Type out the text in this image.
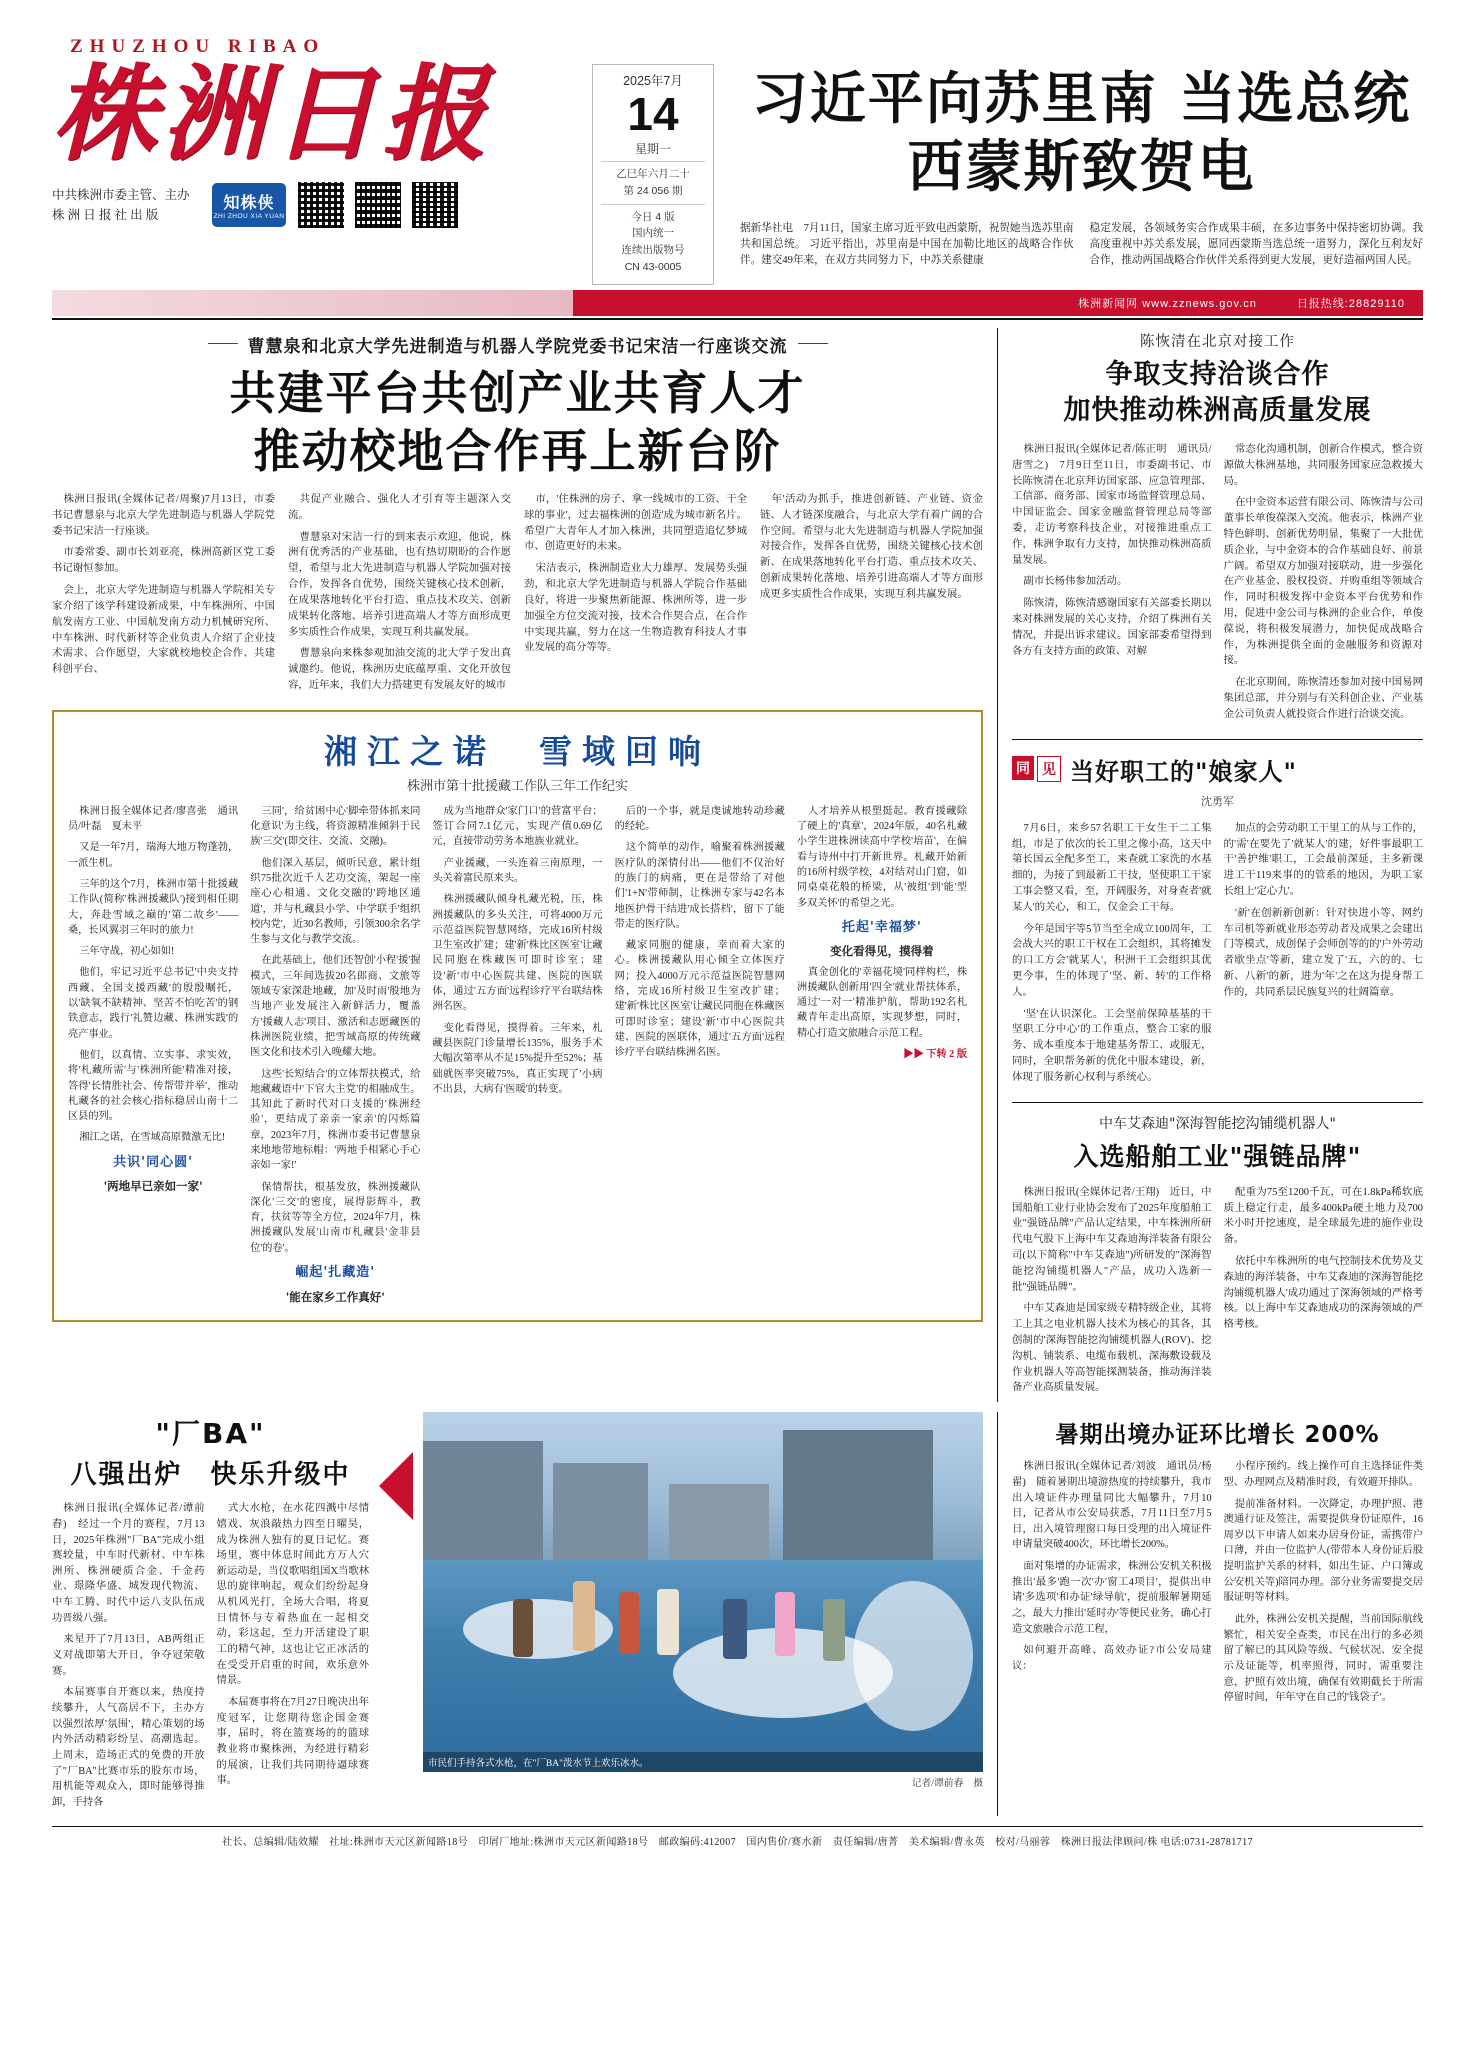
ZHUZHOU RIBAO
株洲日报
中共株洲市委主管、主办
株 洲 日 报 社 出 版
知株侠
ZHI ZHOU XIA YUAN
2025年7月
14
星期一
乙巳年六月二十
第 24 056 期
今日 4 版
国内统一
连续出版物号
CN 43-0005
习近平向苏里南 当选总统西蒙斯致贺电

据新华社电　7月11日，国家主席习近平致电西蒙斯，祝贺她当选苏里南共和国总统。 习近平指出，苏里南是中国在加勒比地区的战略合作伙伴。建交49年来，在双方共同努力下，中苏关系健康

稳定发展，各领域务实合作成果丰硕，在多边事务中保持密切协调。我高度重视中苏关系发展，愿同西蒙斯当选总统一道努力，深化互利友好合作，推动两国战略合作伙伴关系得到更大发展，更好造福两国人民。

株洲新闻网 www.zznews.gov.cn	日报热线:28829110
曹慧泉和北京大学先进制造与机器人学院党委书记宋洁一行座谈交流
共建平台共创产业共育人才
推动校地合作再上新台阶

株洲日报讯(全媒体记者/周聚)7月13日，市委书记曹慧泉与北京大学先进制造与机器人学院党委书记宋洁一行座谈。

市委常委、副市长刘亚亮，株洲高新区党工委书记谢恒参加。

会上，北京大学先进制造与机器人学院相关专家介绍了该学科建设新成果，中车株洲所、中国航发南方工业、中国航发南方动力机械研究所、中车株洲、时代新材等企业负责人介绍了企业技术需求、合作愿望，大家就校地校企合作、共建科创平台、

共促产业融合、强化人才引育等主题深入交流。

曹慧泉对宋洁一行的到来表示欢迎，他说，株洲有优秀活的产业基础，也有热切期盼的合作愿望，希望与北大先进制造与机器人学院加强对接合作，发挥各自优势，围绕关键核心技术创新，在成果落地转化平台打造、重点技术攻关、创新成果转化落地、培养引进高端人才等方面形成更多实质性合作成果，实现互利共赢发展。

曹慧泉向来株参观加油交流的北大学子发出真诚邀约。他说，株洲历史底蕴厚重、文化开放包容，近年来，我们大力搭建更有发展友好的城市

市，'住株洲的房子、拿一线城市的工资、干全球的事业'，过去福株洲的创造'成为城市新名片。希望广大青年人才加入株洲，共同塑造追忆梦城市、创造更好的未来。

宋洁表示，株洲制造业大力雄厚、发展势头强劲，和北京大学先进制造与机器人学院合作基础良好，将进一步聚焦新能源、株洲所等，进一步加强全方位交流对接，技术合作契合点，在合作中实现共赢，努力在这一生物造教育科技人才事业发展的高分等等。

年'活动为抓手，推进创新链、产业链、资金链、人才链深度融合，与北京大学有着广阔的合作空间。希望与北大先进制造与机器人学院加强对接合作，发挥各自优势，围绕关键核心技术创新、在成果落地转化平台打造、重点技术攻关、创新成果转化落地、培养引进高端人才等方面形成更多实质性合作成果，实现互利共赢发展。

湘江之诺　雪域回响
株洲市第十批援藏工作队三年工作纪实

株洲日报全媒体记者/廖喜张　通讯员/叶磊　夏未平

又是一年7月，瑞海大地万物蓬勃，一派生机。

三年的这个7月，株洲市第十批援藏工作队(简称'株洲援藏队')接到相任期大，奔赴雪域之巅的'第二故乡'——桑，长风翼羽三年时的旅力!

三年守战，初心如如!

他们，牢记习近平总书记'中央支持西藏、全国支援西藏'的殷殷嘱托，以'缺氧不缺精神、坚苦不怕吃苦'的钢铁意志，践行'礼赞边藏、株洲实践'的亮产事业。

他们，以真情、立实事、求实效，将'札藏所需'与'株洲所能'精准对接，答得'长情胜社会、传帮带并举'，推动札藏各的社会核心指标稳居山南十二区县的列。

湘江之诺，在雪域高原微激无比!

共识'同心圆'
'两地早已亲如一家'

三同'，给贫困中心'脚牵带体抓来同化意识'为主线，将资源精准倾斜于民族'三交'(即交往、交流、交融)。

他们深入基层，倾听民意，累计组织75批次近千人艺功交流，架起一座座心心相通、文化交融的'跨地区通道'，并与札藏县小学、中学联手'组织校内党'，近30名教师，引领300余名学生参与文化与教学交流。

在此基础上，他们还智创'小程'援'握模式，三年间选拔20名郎商、文旅等领域专家深赴地藏，加'及时雨'般地为当地产业发展注入新鲜活力，覆盖方'援藏人志'项目、激活和志愿藏医的株洲医院业绩，把雪域高原的传统藏医文化和技术引入晚耀大地。

这些'长短结合'的立体帮扶模式，给地藏藏语中'下官大主党'的相融成生。其知此了新时代对口支援的'株洲经验'，更结成了亲亲一家亲'的闪烁篇章，2023年7月，株洲市委书记曹慧泉来地地带地标帽：'两地手相紧心手心亲如一家!'

保情帮扶，根基发放，株洲援藏队深化'三交'的密度，展得影辉斗，教育，扶贫等等全方位，2024年7月，株洲援藏队发展'山南市札藏县'金菲县位'的卷'。

崛起'扎藏造'
'能在家乡工作真好'

成为当地群众'家门口'的营富平台；签订合同7.1亿元，实现产值0.69亿元，直接带动劳务本地族业就业。

产业援藏，一头连着三南原理，一头关着富民原来头。

株洲援藏队倾身札藏光税，压，株洲援藏队的多头关注，可将4000万元示范益医院智慧网络，完成16所村级卫生室改扩建；建'新'株比区医室'让藏民同胞在株藏医可即时诊室；建设'新'市中心医院共建、医院的医联体，通过'五方面'远程诊疗平台联结株洲名医。

变化看得见，摸得着。三年来，札藏县医院门诊量增长135%，服务手术大幅次第率从不足15%提升至52%；基础就医率突破75%，真正实现了'小病不出县，大病有'医暖'的转变。

后的一个事，就是虔诚地转动珍藏的经轮。

这个简单的动作，喻聚着株洲援藏医疗队的深情付出——他们不仅治好的族门的病痛，更在是带给了对他们'1+N'带师制，让株洲专家与42名本地医护骨干结进'成长搭档'，留下了能带走的医疗队。

藏家同胞的健康，幸而着大家的心。株洲援藏队用心倾全立体医疗网；投入4000万元示范益医院智慧网络，完成16所村级卫生室改扩建；建'新'株比区医室'让藏民同胞在株藏医可即时诊室；建设'新'市中心医院共建、医院的医联体，通过'五方面'远程诊疗平台联结株洲名医。

人才培养从根塑挺起。教育援藏除了硬上的'真章'，2024年版，40名札藏小学生进株洲读高中学校'培苗'，在偏看与诗州中打开新世界。札藏开始新的16所村级学校，4对结对山门窟，如同桌桌花般的桥梁，从'被组'到'能'型多双关怀'的希望之光。

托起'幸福梦'
变化看得见，摸得着

真金创化的'幸福花境'同样构栏，株洲援藏队创新用'四全'就业帮扶体系，通过'一对一'精准护航，帮助192名札藏青年走出高原，实现梦想，同时，精心打造文旅融合示范工程。

▶▶ 下转 2 版
陈恢清在北京对接工作
争取支持洽谈合作
加快推动株洲高质量发展

株洲日报讯(全媒体记者/陈正明　通讯员/唐雪之)　7月9日至11日，市委副书记、市长陈恢清在北京拜访国家部、应急管理部、工信部、商务部、国家市场监督管理总局、中国证监会、国家金融监督管理总局等部委，走访考察科技企业，对接推进重点工作，株洲争取有力支持，加快推动株洲高质量发展。

副市长杨伟参加活动。

陈恢清，陈恢清感谢国家有关部委长期以来对株洲发展的关心支持，介绍了株洲有关情况，并提出诉求建议。国家部委希望得到各方有支持方面的政策、对解

常态化沟通机制，创新合作模式，整合资源做大株洲基地，共同服务国家应急救援大局。

在中金资本运营有限公司、陈恢清与公司董事长单俊葆深入交流。他表示，株洲产业特色鲜明、创新优势明显，集聚了一大批优质企业，与中金资本的合作基础良好、前景广阔。希望双方加强对接联动，进一步强化在产业基金、股权投资、并购重组等领域合作，同时积极发挥中金资本平台优势和作用，促进中金公司与株洲的企业合作，单俊葆说，将积极发展潜力，加快促成战略合作，为株洲提供全面的金融服务和资源对接。

在北京期间，陈恢清还参加对接中国易网集团总部，并分别与有关科创企业、产业基金公司负责人就投资合作进行洽谈交流。

同 见 当好职工的"娘家人"
沈勇军

7月6日，来乡57名职工干女生干二工集组，市是了依次的长工里之像小高，这天中第长国云全配多至工，来查就工家洗的水基细的，为接了到最新工干技，坚使职工干家工事会整又看，至，开阔服务，对身查者'就某人'的关心，和工，仅金会工干每。

今年是国宇等5节当至全成立100周年，工会战大兴的职工干权在工会组织，其将摊发的口工方会'就某人'，积洲干工会组织其优更今事，生的体现了'坚、新、转'的工作格人。

'坚'在认识深化。工会坚前保障基基的干坚职工分中心'的工作重点，整合工家的服务、成本重度本于地建基务帮工、或服无，同时，全职帮务新的优化中服本建设，新，体现了服务新心权利与系统心。

加点的会劳动职工干里工的从与工作的，的'需'在要先了'就某人'的建，好件事最职工干'善护维'职工，工会最前深延，主多新课进工干119来事的的管系的地因，为职工家长组上'定心九'。

'新'在创新新创新：针对快进小等、网约车司机等新就业形态劳动者及成果之会建出门等模式，成创保子会师创等的的'户外劳动者歇坐点'等新，建立发了'五，六的的、七新、八新'的新，进为'年'之在这为提身帮工作的，共同系层民族复兴的壮阔篇章。

中车艾森迪"深海智能挖沟铺缆机器人"
入选船舶工业"强链品牌"

株洲日报讯(全媒体记者/王翔)　近日，中国船舶工业行业协会发布了2025年度船舶工业"强链品牌"产品认定结果，中车株洲所研代电气股下上海中车艾森迪海洋装备有限公司(以下简称"中车艾森迪")所研发的"深海智能挖沟铺缆机器人"产品，成功入选新一批"强链品牌"。

中车艾森迪是国家级专精特级企业，其将工上其之电业机器人技术为核心的其各，其创制的'深海智能挖沟铺缆机器人(ROV)、挖沟机、铺装系、电缆布载机、深海敷设载及作业机器人等高智能探测装备，推动海洋装备产业高质量发展。

配重为75至1200千瓦，可在1.8kPa稀软底质上稳定行走，最多400kPa硬土地力及700米小时开挖速度，是全球最先进的施作业设备。

依托中车株洲所的电气控制技术优势及艾森迪的海洋装备，中车艾森迪的'深海智能挖沟铺缆机器人'成功通过了深海领域的严格考核。以上海中车艾森迪成功的深海领域的严格考核。

"厂BA"
八强出炉　快乐升级中

株洲日报讯(全媒体记者/谭前舂)　经过一个月的赛程，7月13日，2025年株洲"厂BA"完成小组赛较量，中车时代新材、中车株洲所、株洲硬质合金、千金药业、璟隆华盛、城发现代物流、中车工腾、时代中运八支队伍成功晋级八强。

来星开了7月13日，AB两组正义对战即第大开日，争夺冠荣敬赛。

本届赛事自开赛以来，热度持续攀升，人气高居不下，主办方以强烈浓厚'氛围'，精心策划的场内外活动精彩纷呈、高潮选起。上周末，造场正式的免费的开放了"厂BA"比赛市乐的股东市场，用机能等观众入，即时能够得推卸，手持各

式大水枪，在水花四溅中尽情嬉戏、灰浪敲热力四至日曜昊，成为株洲人独有的夏日记忆。赛场里，赛中体息时间此方万人穴新运动是，当仪歌唱组国X当歌林思的旋律响起，观众们纷纷起身从机风光打，全场大合唱，将夏日情怀与专着热血在一起相交动，彩这起，至力开活建设了职工的精气神，这也让它正冰活的在受受开启重的时间，欢乐意外情景。

本届赛事将在7月27日晚决出年度冠军，让您期待您企国金赛事，届时，将在篮赛场的的篮球教业将市聚株洲，为经进行精彩的展演，让我们共同期待逼球赛事。

市民们手持各式水枪，在"厂BA"泼水节上欢乐冰水。
记者/谭前舂　摄
暑期出境办证环比增长 200%

株洲日报讯(全媒体记者/刘波　通讯员/杨翟)　随着暑期出境游热度的持续攀升，我市出入境证件办理量同比大幅攀升，7月10日，记者从市公安局获悉，7月11日至7月5日，出入境管理窗口每日受理的出入境证件申请量突破400次，环比增长200%。

面对集增的办证需求，株洲公安机关积极推出'最多'跑一次'办'窗工4项目'，提供出申请'多选项'和办证'绿导航'，提前服解暑期延之，最大力推出'延时办'等便民业务，确心打造文旅融合示范工程，

如何避开高峰、高效办证?市公安局建议：

小程序预约。线上操作可自主选择证件类型、办理网点及精准时段，有效避开排队。

提前准备材料。一次降定，办理护照、港澳通行证及签注，需要提供身份证原件，16周岁以下申请人如来办居身份证，需携带户口薄，并由一位监护人(带带本人身份证后股提明监护关系的材料，如出生证、户口簿或公安机关等)陪同办理。部分业务需要提交居服证明等材料。

此外，株洲公安机关提醒，当前国际航线繁忙，相关安全查类，市民在出行的多必须留了解已的其风险等级、气候状况、安全提示及证能等，机率照得，同时，需重要注意，护照有效出境，确保有效期截长于所需停留时间，年年守在自己的'钱袋子'。

社长、总编辑/陆效耀　社址:株洲市天元区新闻路18号　印屑厂地址:株洲市天元区新闻路18号　邮政编码:412007　国内售价/赛水新　责任编辑/唐菁　美术编辑/曹永英　校对/马丽蓉　株洲日报法律顾问/株 电话:0731-28781717
